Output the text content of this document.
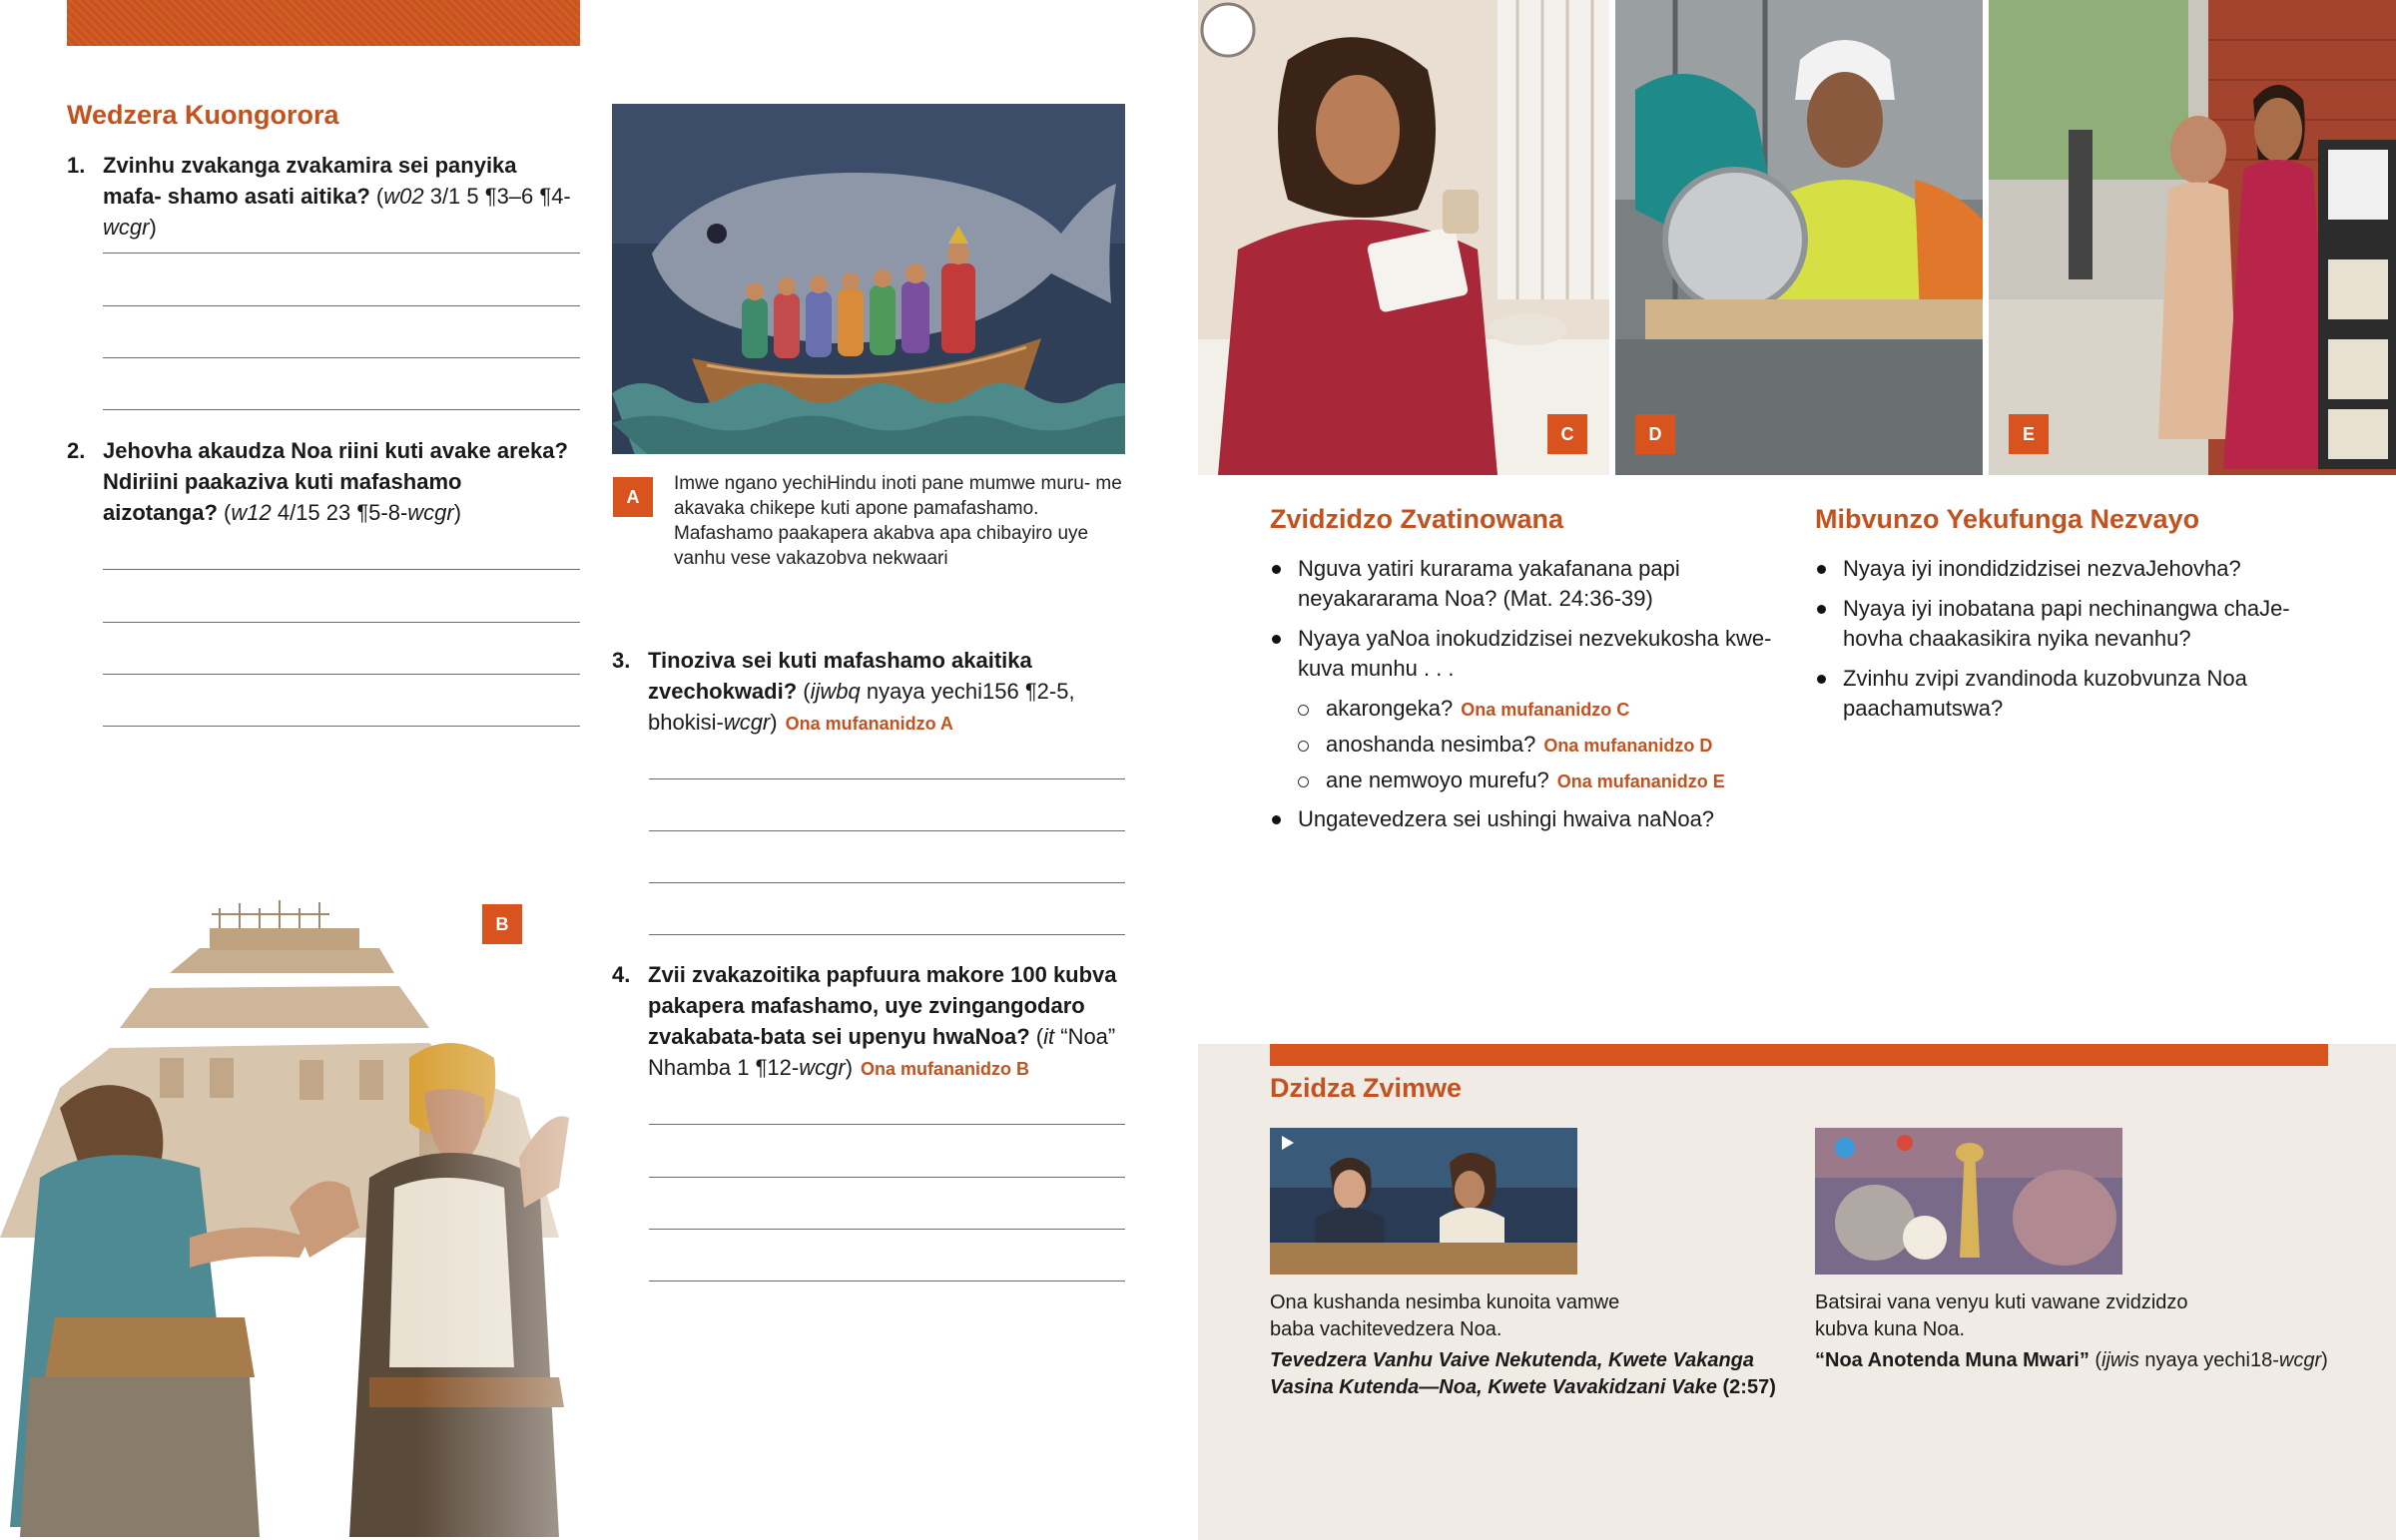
Wedzera Kuongorora
1. Zvinhu zvakanga zvakamira sei panyika mafa- shamo asati aitika? (w02 3/1 5 ¶3–6 ¶4-wcgr)
2. Jehovha akaudza Noa riini kuti avake areka? Ndiriini paakaziva kuti mafashamo aizotanga? (w12 4/15 23 ¶5-8-wcgr)
B
A
Imwe ngano yechiHindu inoti pane mumwe muru- me akavaka chikepe kuti apone pamafashamo. Mafashamo paakapera akabva apa chibayiro uye vanhu vese vakazobva nekwaari
3. Tinoziva sei kuti mafashamo akaitika zvechokwadi? (ijwbq nyaya yechi156 ¶2-5, bhokisi-wcgr) Ona mufananidzo A
4. Zvii zvakazoitika papfuura makore 100 kubva pakapera mafashamo, uye zvingangodaro zvakabata-bata sei upenyu hwaNoa? (it “Noa” Nhamba 1 ¶12-wcgr) Ona mufananidzo B
C	D	E
Zvidzidzo Zvatinowana
Nguva yatiri kurarama yakafanana papi neyakararama Noa? (Mat. 24:36-39)
Nyaya yaNoa inokudzidzisei nezvekukosha kwe- kuva munhu . . .
akarongeka? Ona mufananidzo C
anoshanda nesimba? Ona mufananidzo D
ane nemwoyo murefu? Ona mufananidzo E
Ungatevedzera sei ushingi hwaiva naNoa?
Mibvunzo Yekufunga Nezvayo
Nyaya iyi inondidzidzisei nezvaJehovha?
Nyaya iyi inobatana papi nechinangwa chaJe- hovha chaakasikira nyika nevanhu?
Zvinhu zvipi zvandinoda kuzobvunza Noa paachamutswa?
Dzidza Zvimwe
Ona kushanda nesimba kunoita vamwe baba vachitevedzera Noa.
Tevedzera Vanhu Vaive Nekutenda, Kwete Vakanga Vasina Kutenda—Noa, Kwete Vavakidzani Vake (2:57)
Batsirai vana venyu kuti vawane zvidzidzo kubva kuna Noa.
“Noa Anotenda Muna Mwari” (ijwis nyaya yechi18-wcgr)
